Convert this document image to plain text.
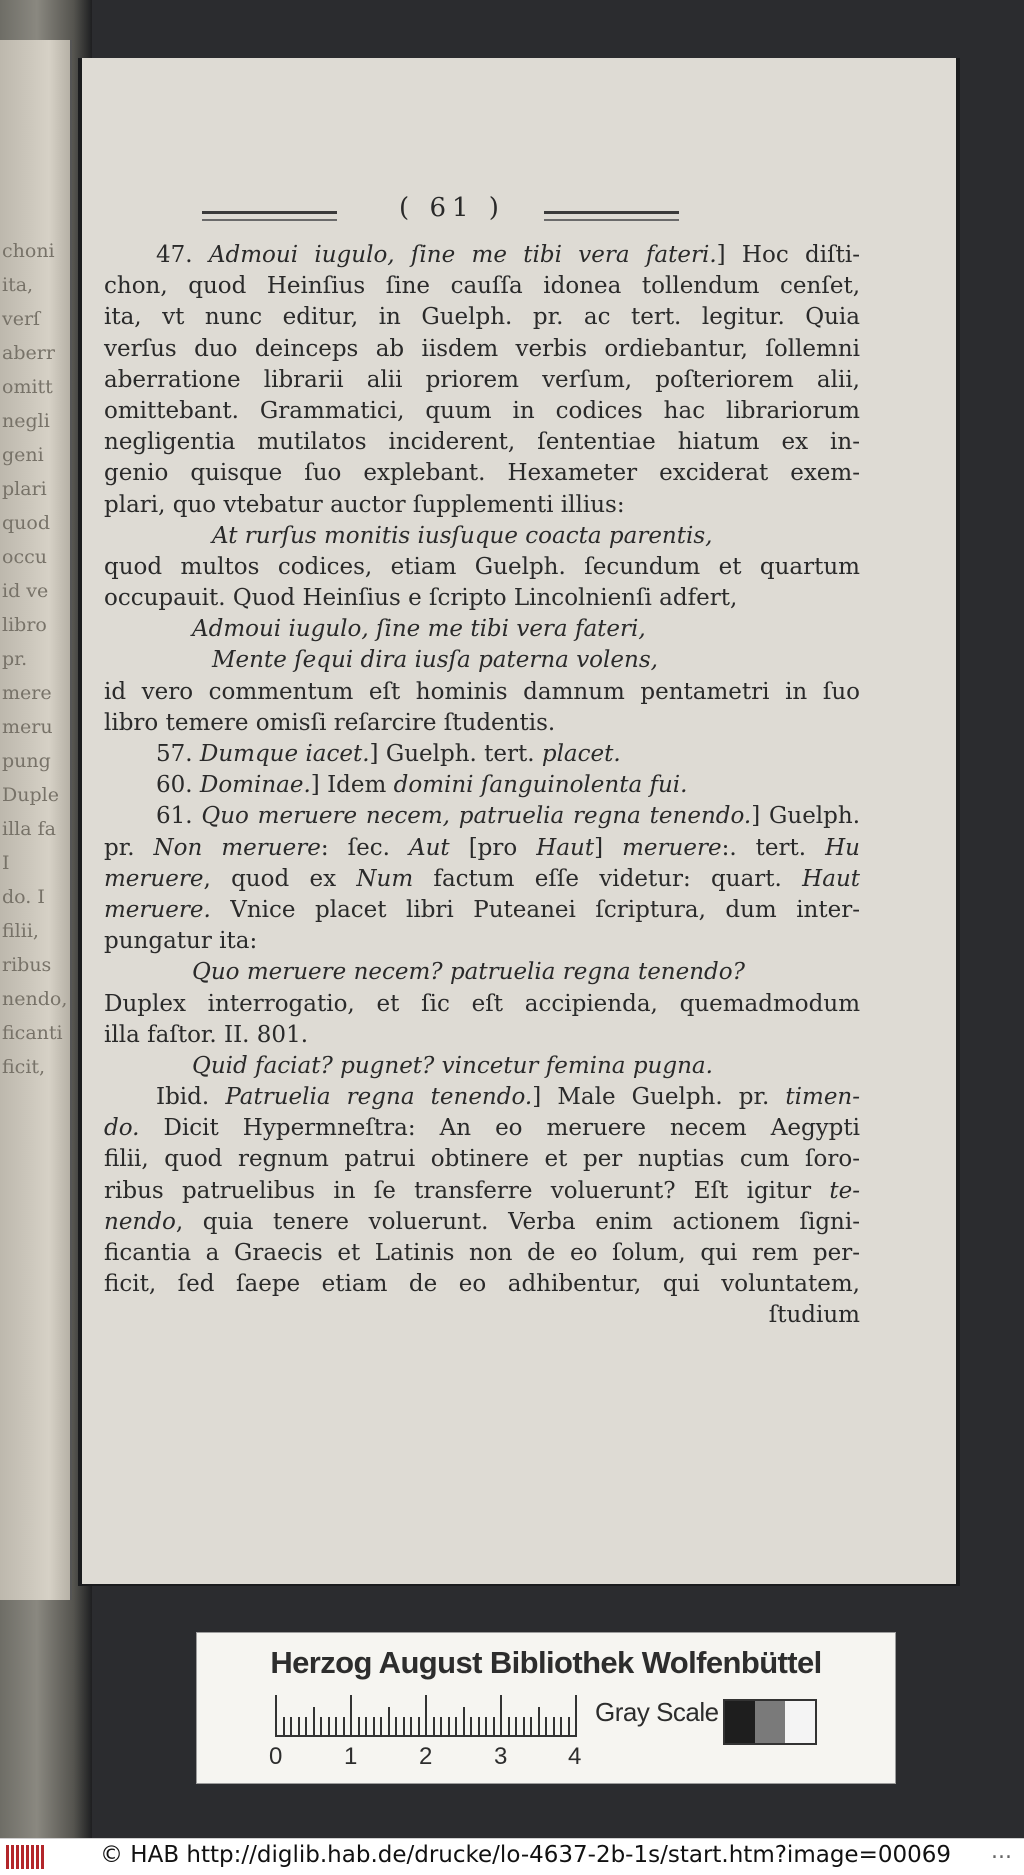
choni
ita,
verſ
aberr
omitt
negli
geni
plari
quod
occu
id ve
libro
pr.
mere
meru
pung
Duple
illa fa
I
do. I
filii,
ribus
nendo,
ficanti
ficit,
( 61 )
47. Admoui iugulo, ſine me tibi vera fateri.] Hoc diſti-
chon, quod Heinſius ſine cauſſa idonea tollendum cenſet,
ita, vt nunc editur, in Guelph. pr. ac tert. legitur. Quia
verſus duo deinceps ab iisdem verbis ordiebantur, ſollemni
aberratione librarii alii priorem verſum, poſteriorem alii,
omittebant. Grammatici, quum in codices hac librariorum
negligentia mutilatos inciderent, ſententiae hiatum ex in-
genio quisque ſuo explebant. Hexameter exciderat exem-
plari, quo vtebatur auctor ſupplementi illius:
At rurſus monitis iusſuque coacta parentis,
quod multos codices, etiam Guelph. ſecundum et quartum
occupauit. Quod Heinſius e ſcripto Lincolnienſi adfert,
Admoui iugulo, ſine me tibi vera fateri,
Mente ſequi dira iusſa paterna volens,
id vero commentum eſt hominis damnum pentametri in ſuo
libro temere omisſi reſarcire ſtudentis.
57. Dumque iacet.] Guelph. tert. placet.
60. Dominae.] Idem domini ſanguinolenta fui.
61. Quo meruere necem, patruelia regna tenendo.] Guelph.
pr. Non meruere: ſec. Aut [pro Haut] meruere:. tert. Hu
meruere, quod ex Num factum eſſe videtur: quart. Haut
meruere. Vnice placet libri Puteanei ſcriptura, dum inter-
pungatur ita:
Quo meruere necem? patruelia regna tenendo?
Duplex interrogatio, et ſic eſt accipienda, quemadmodum
illa faſtor. II. 801.
Quid faciat? pugnet? vincetur femina pugna.
Ibid. Patruelia regna tenendo.] Male Guelph. pr. timen-
do. Dicit Hypermneſtra: An eo meruere necem Aegypti
filii, quod regnum patrui obtinere et per nuptias cum ſoro-
ribus patruelibus in ſe transferre voluerunt? Eſt igitur te-
nendo, quia tenere voluerunt. Verba enim actionem ſigni-
ficantia a Graecis et Latinis non de eo ſolum, qui rem per-
ficit, ſed ſaepe etiam de eo adhibentur, qui voluntatem,
ſtudium
Herzog August Bibliothek Wolfenbüttel
0	1	2	3	4
Gray Scale
© HAB http://diglib.hab.de/drucke/lo-4637-2b-1s/start.htm?image=00069 ...
